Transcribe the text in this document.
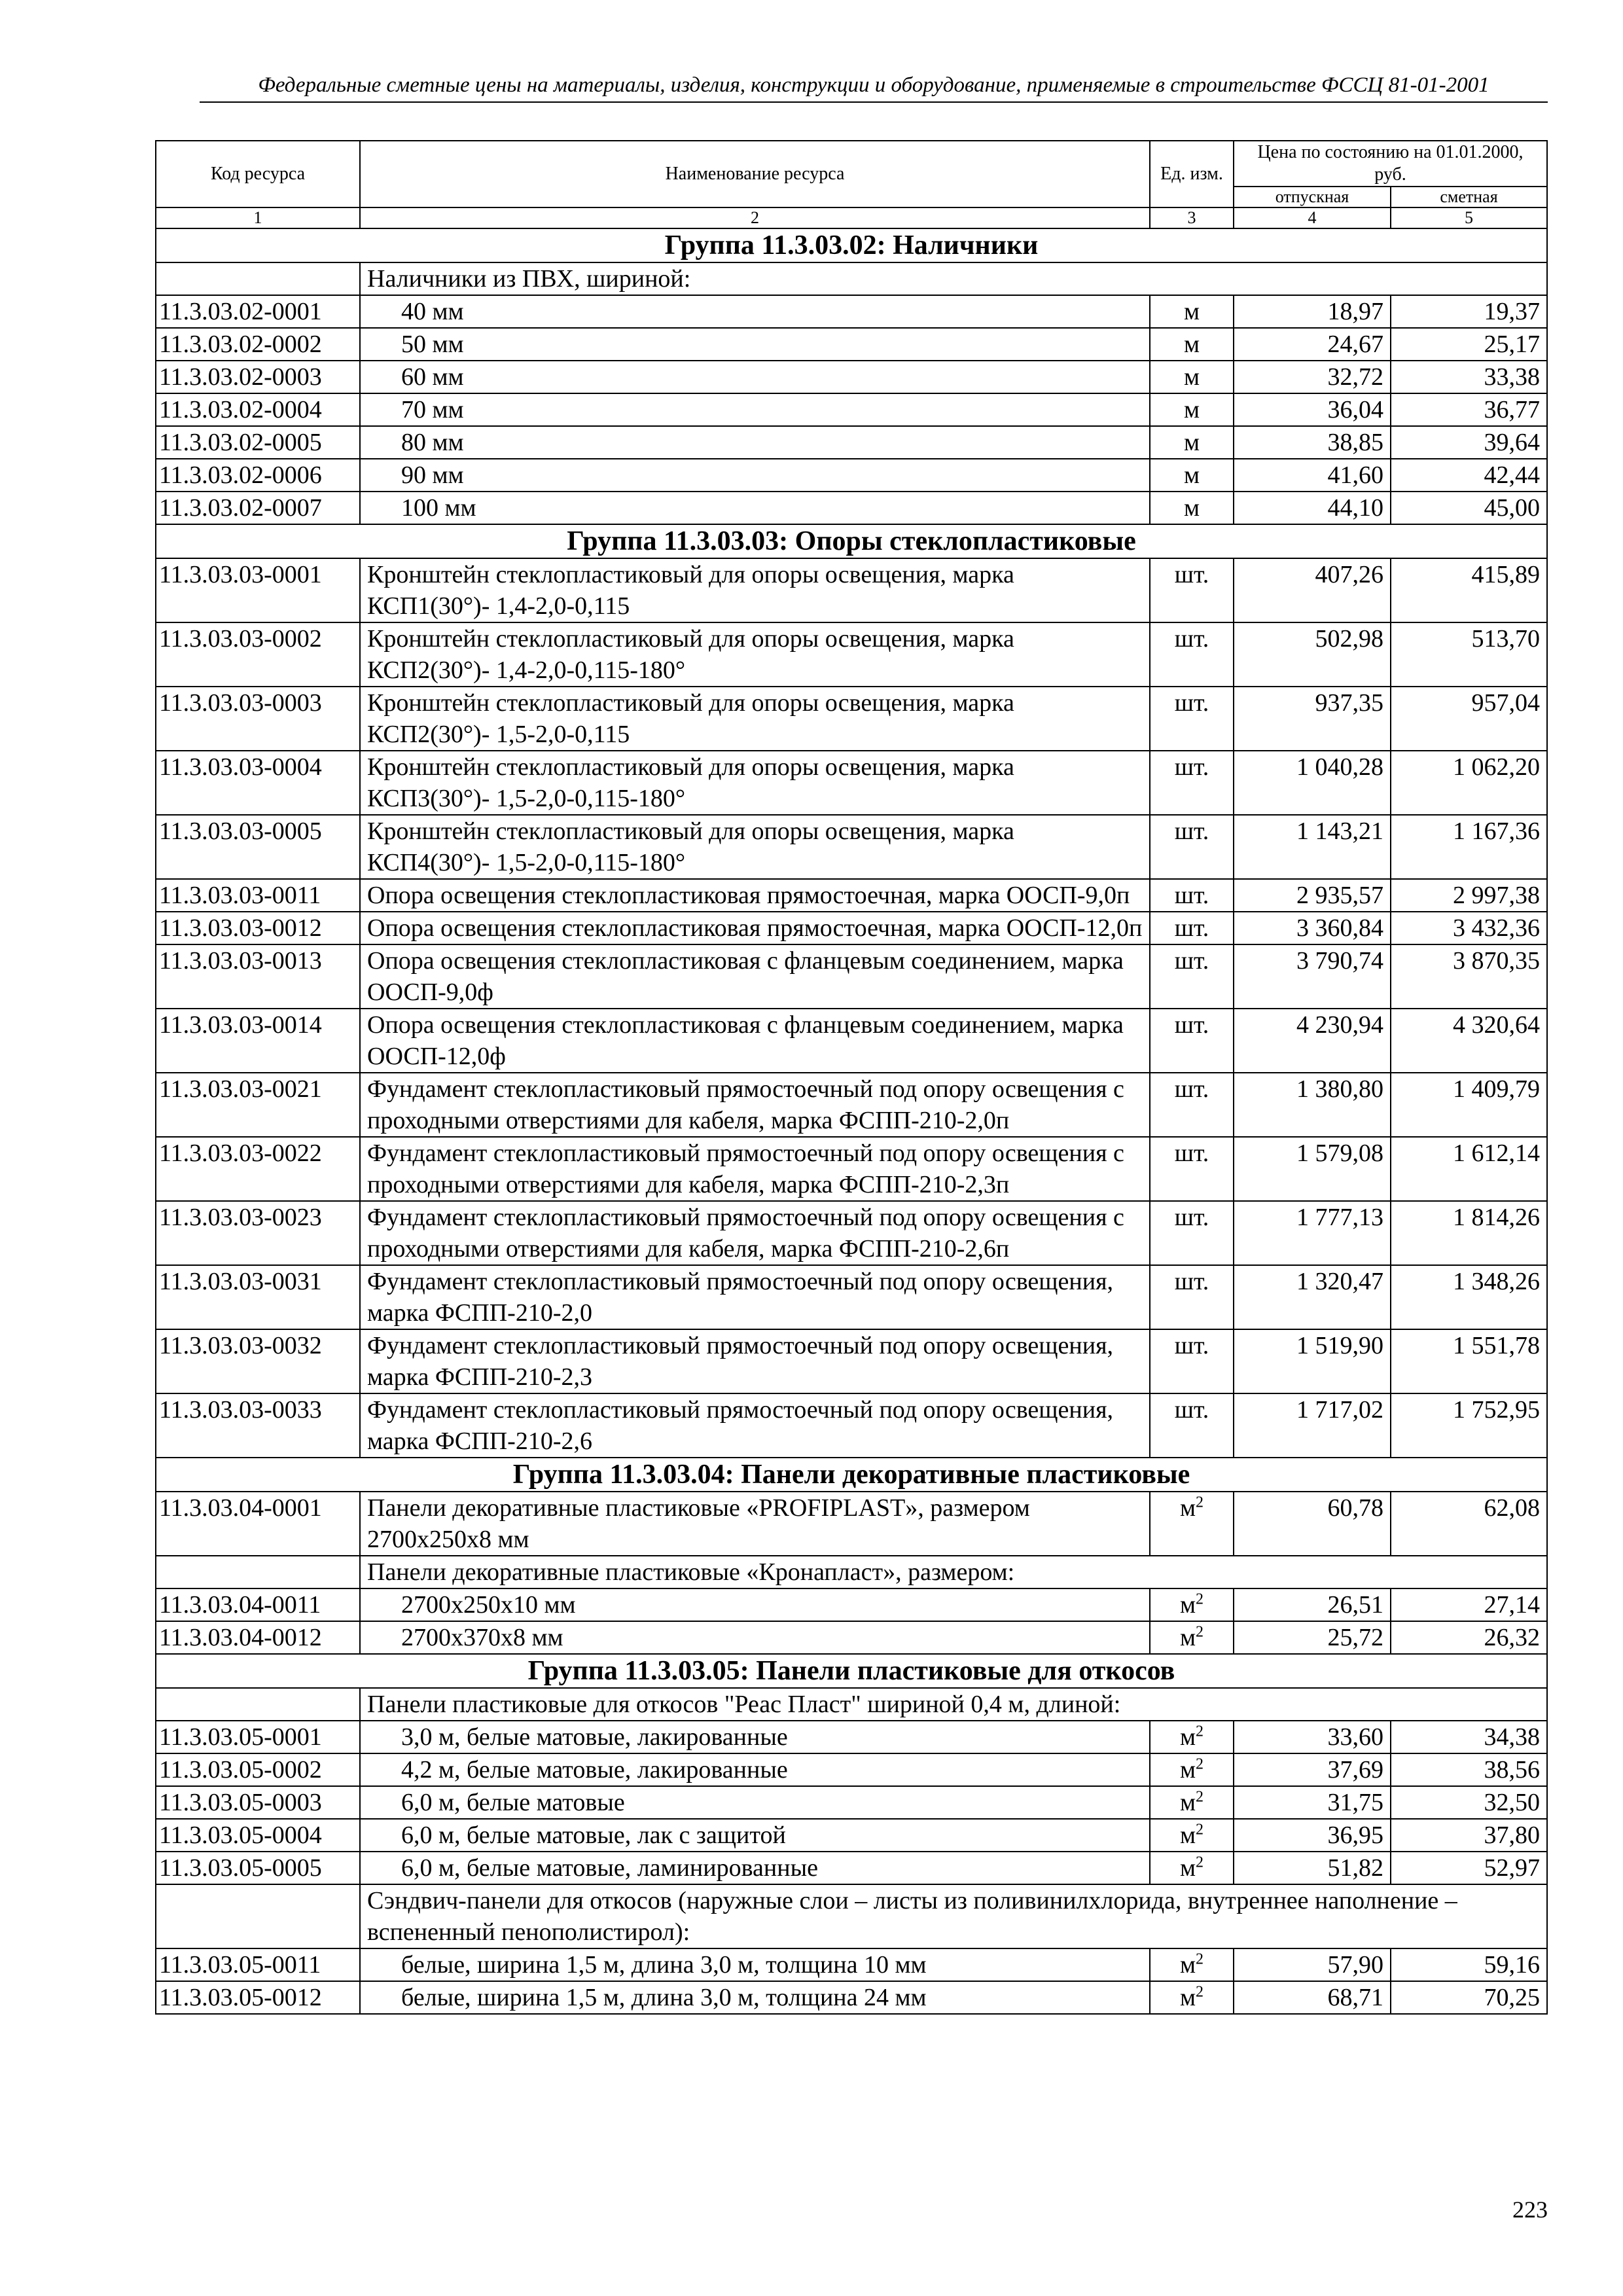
Федеральные сметные цены на материалы, изделия, конструкции и оборудование, применяемые в строительстве ФССЦ 81-01-2001
Код ресурса	Наименование ресурса	Ед. изм.	Цена по состоянию на 01.01.2000, руб.	
			отпускная	сметная
1	2	3	4	5
Группа 11.3.03.02: Наличники				
	Наличники из ПВХ, шириной:			
11.3.03.02-0001	40 мм	м	18,97	19,37
11.3.03.02-0002	50 мм	м	24,67	25,17
11.3.03.02-0003	60 мм	м	32,72	33,38
11.3.03.02-0004	70 мм	м	36,04	36,77
11.3.03.02-0005	80 мм	м	38,85	39,64
11.3.03.02-0006	90 мм	м	41,60	42,44
11.3.03.02-0007	100 мм	м	44,10	45,00
Группа 11.3.03.03: Опоры стеклопластиковые				
11.3.03.03-0001	Кронштейн стеклопластиковый для опоры освещения, марка КСП1(30°)- 1,4-2,0-0,115	шт.	407,26	415,89
11.3.03.03-0002	Кронштейн стеклопластиковый для опоры освещения, марка КСП2(30°)- 1,4-2,0-0,115-180°	шт.	502,98	513,70
11.3.03.03-0003	Кронштейн стеклопластиковый для опоры освещения, марка КСП2(30°)- 1,5-2,0-0,115	шт.	937,35	957,04
11.3.03.03-0004	Кронштейн стеклопластиковый для опоры освещения, марка КСП3(30°)- 1,5-2,0-0,115-180°	шт.	1 040,28	1 062,20
11.3.03.03-0005	Кронштейн стеклопластиковый для опоры освещения, марка КСП4(30°)- 1,5-2,0-0,115-180°	шт.	1 143,21	1 167,36
11.3.03.03-0011	Опора освещения стеклопластиковая прямостоечная, марка ООСП-9,0п	шт.	2 935,57	2 997,38
11.3.03.03-0012	Опора освещения стеклопластиковая прямостоечная, марка ООСП-12,0п	шт.	3 360,84	3 432,36
11.3.03.03-0013	Опора освещения стеклопластиковая с фланцевым соединением, марка ООСП-9,0ф	шт.	3 790,74	3 870,35
11.3.03.03-0014	Опора освещения стеклопластиковая с фланцевым соединением, марка ООСП-12,0ф	шт.	4 230,94	4 320,64
11.3.03.03-0021	Фундамент стеклопластиковый прямостоечный под опору освещения с проходными отверстиями для кабеля, марка ФСПП-210-2,0п	шт.	1 380,80	1 409,79
11.3.03.03-0022	Фундамент стеклопластиковый прямостоечный под опору освещения с проходными отверстиями для кабеля, марка ФСПП-210-2,3п	шт.	1 579,08	1 612,14
11.3.03.03-0023	Фундамент стеклопластиковый прямостоечный под опору освещения с проходными отверстиями для кабеля, марка ФСПП-210-2,6п	шт.	1 777,13	1 814,26
11.3.03.03-0031	Фундамент стеклопластиковый прямостоечный под опору освещения, марка ФСПП-210-2,0	шт.	1 320,47	1 348,26
11.3.03.03-0032	Фундамент стеклопластиковый прямостоечный под опору освещения, марка ФСПП-210-2,3	шт.	1 519,90	1 551,78
11.3.03.03-0033	Фундамент стеклопластиковый прямостоечный под опору освещения, марка ФСПП-210-2,6	шт.	1 717,02	1 752,95
Группа 11.3.03.04: Панели декоративные пластиковые				
11.3.03.04-0001	Панели декоративные пластиковые «PROFIPLAST», размером 2700х250х8 мм	$м^2$	60,78	62,08
	Панели декоративные пластиковые «Кронапласт», размером:			
11.3.03.04-0011	2700х250х10 мм	$м^2$	26,51	27,14
11.3.03.04-0012	2700х370х8 мм	$м^2$	25,72	26,32
Группа 11.3.03.05: Панели пластиковые для откосов				
	Панели пластиковые для откосов "Реас Пласт" шириной 0,4 м, длиной:			
11.3.03.05-0001	3,0 м, белые матовые, лакированные	$м^2$	33,60	34,38
11.3.03.05-0002	4,2 м, белые матовые, лакированные	$м^2$	37,69	38,56
11.3.03.05-0003	6,0 м, белые матовые	$м^2$	31,75	32,50
11.3.03.05-0004	6,0 м, белые матовые, лак с защитой	$м^2$	36,95	37,80
11.3.03.05-0005	6,0 м, белые матовые, ламинированные	$м^2$	51,82	52,97
	Сэндвич-панели для откосов (наружные слои – листы из поливинилхлорида, внутреннее наполнение – вспененный пенополистирол):			
11.3.03.05-0011	белые, ширина 1,5 м, длина 3,0 м, толщина 10 мм	$м^2$	57,90	59,16
11.3.03.05-0012	белые, ширина 1,5 м, длина 3,0 м, толщина 24 мм	$м^2$	68,71	70,25
223
